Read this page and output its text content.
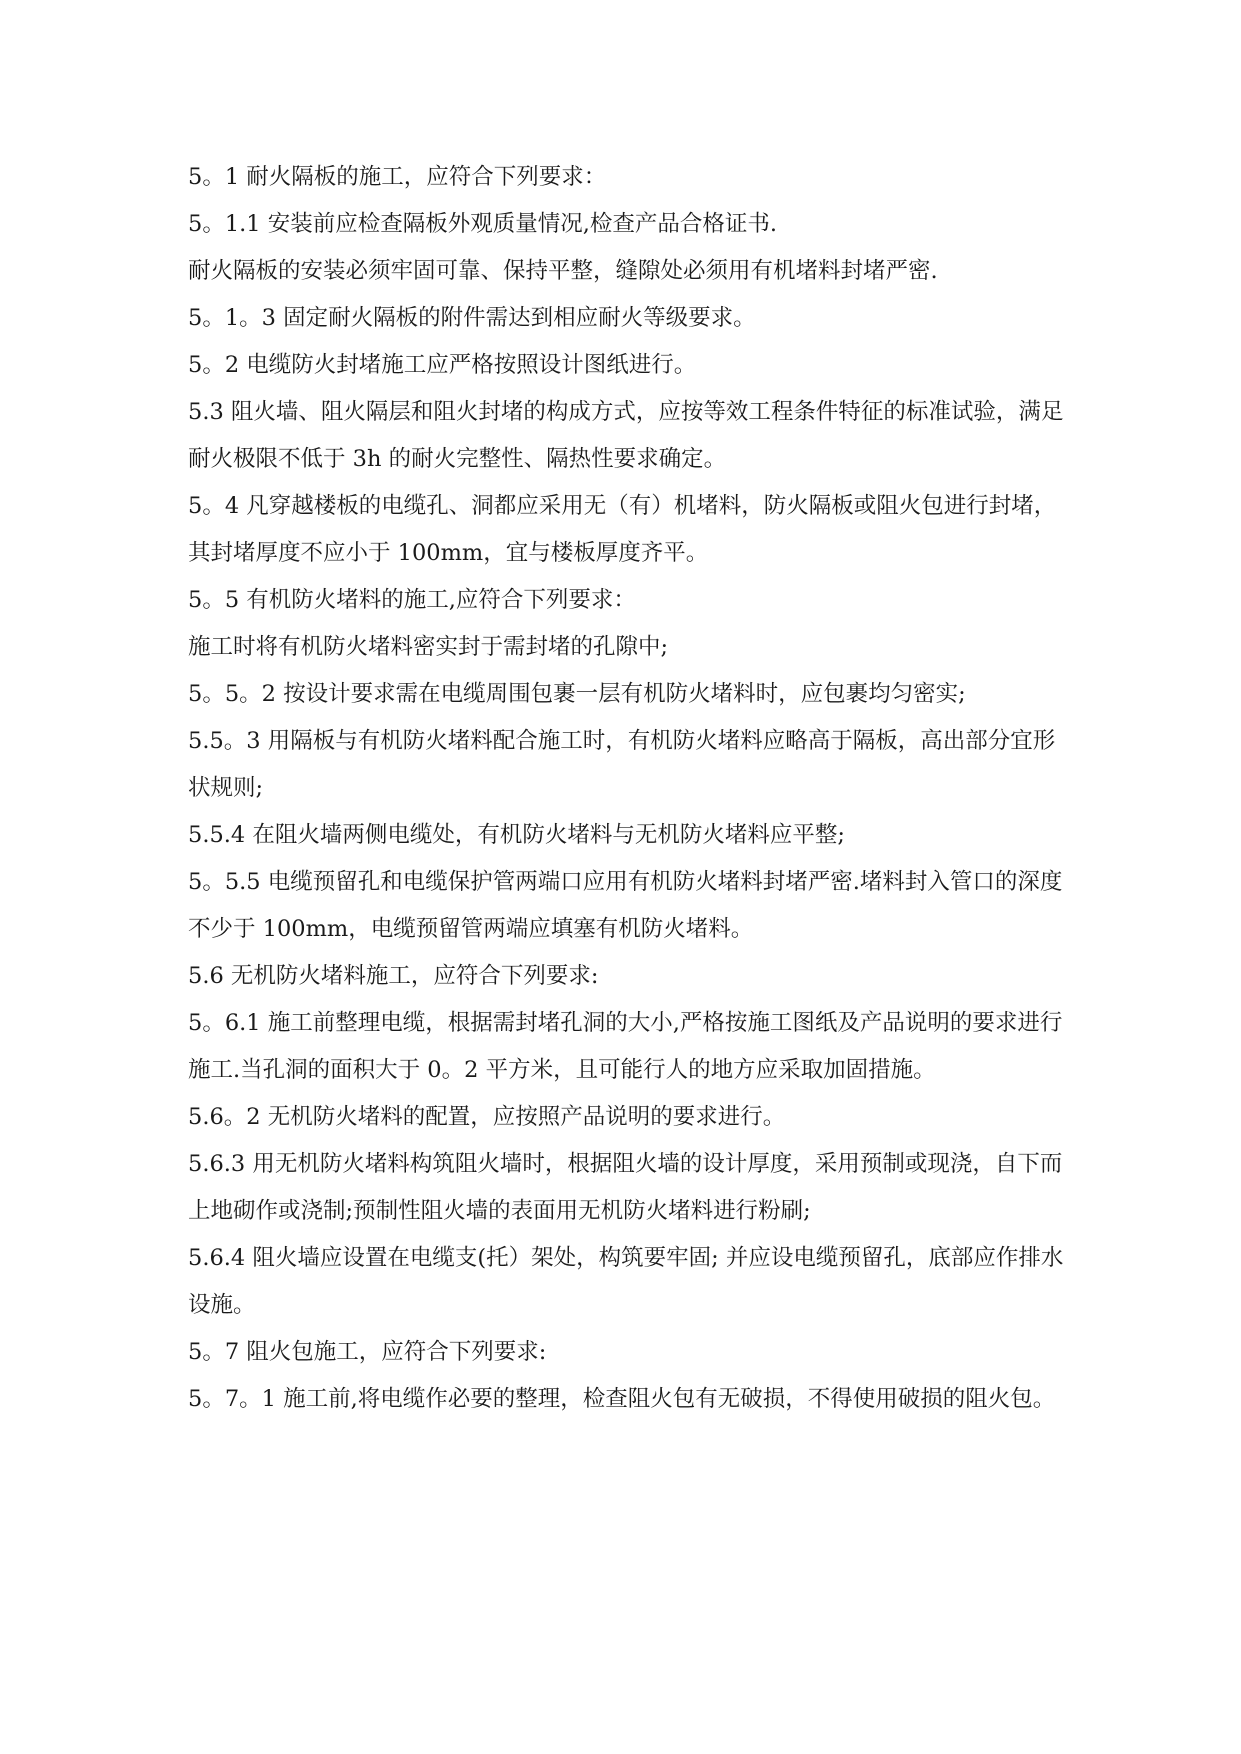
5。1 耐火隔板的施工，应符合下列要求：

5。1.1 安装前应检查隔板外观质量情况,检查产品合格证书.

耐火隔板的安装必须牢固可靠、保持平整，缝隙处必须用有机堵料封堵严密.

5。1。3 固定耐火隔板的附件需达到相应耐火等级要求。

5。2 电缆防火封堵施工应严格按照设计图纸进行。

5.3 阻火墙、阻火隔层和阻火封堵的构成方式，应按等效工程条件特征的标准试验，满足耐火极限不低于 3h 的耐火完整性、隔热性要求确定。

5。4 凡穿越楼板的电缆孔、洞都应采用无（有）机堵料，防火隔板或阻火包进行封堵，其封堵厚度不应小于 100mm，宜与楼板厚度齐平。

5。5 有机防火堵料的施工,应符合下列要求：

施工时将有机防火堵料密实封于需封堵的孔隙中;

5。5。2 按设计要求需在电缆周围包裹一层有机防火堵料时，应包裹均匀密实;

5.5。3 用隔板与有机防火堵料配合施工时，有机防火堵料应略高于隔板，高出部分宜形状规则;

5.5.4 在阻火墙两侧电缆处，有机防火堵料与无机防火堵料应平整;

5。5.5 电缆预留孔和电缆保护管两端口应用有机防火堵料封堵严密.堵料封入管口的深度不少于 100mm，电缆预留管两端应填塞有机防火堵料。

5.6 无机防火堵料施工，应符合下列要求:

5。6.1 施工前整理电缆，根据需封堵孔洞的大小,严格按施工图纸及产品说明的要求进行施工.当孔洞的面积大于 0。2 平方米，且可能行人的地方应采取加固措施。

5.6。2 无机防火堵料的配置，应按照产品说明的要求进行。

5.6.3 用无机防火堵料构筑阻火墙时，根据阻火墙的设计厚度，采用预制或现浇，自下而上地砌作或浇制;预制性阻火墙的表面用无机防火堵料进行粉刷;

5.6.4 阻火墙应设置在电缆支(托）架处，构筑要牢固; 并应设电缆预留孔，底部应作排水设施。

5。7 阻火包施工，应符合下列要求:

5。7。1 施工前,将电缆作必要的整理，检查阻火包有无破损，不得使用破损的阻火包。
